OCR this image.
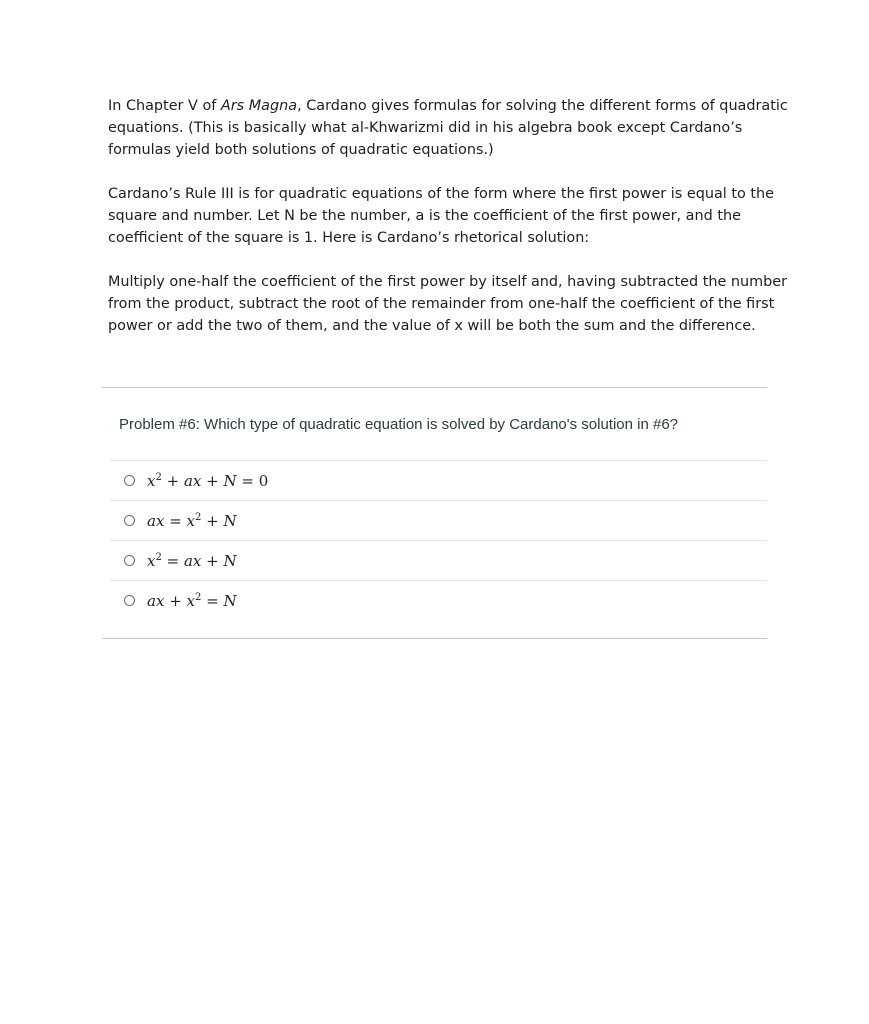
In Chapter V of Ars Magna, Cardano gives formulas for solving the different forms of quadratic equations. (This is basically what al-Khwarizmi did in his algebra book except Cardano’s formulas yield both solutions of quadratic equations.)

Cardano’s Rule III is for quadratic equations of the form where the first power is equal to the square and number. Let N be the number, a is the coefficient of the first power, and the coefficient of the square is 1. Here is Cardano’s rhetorical solution:

Multiply one-half the coefficient of the first power by itself and, having subtracted the number from the product, subtract the root of the remainder from one-half the coefficient of the first power or add the two of them, and the value of x will be both the sum and the difference.

Problem #6: Which type of quadratic equation is solved by Cardano's solution in #6?
$x^2$ + ax + N = 0
ax = $x^2 + N$
$x^2$ = ax + N
ax + $x^2 = N$
